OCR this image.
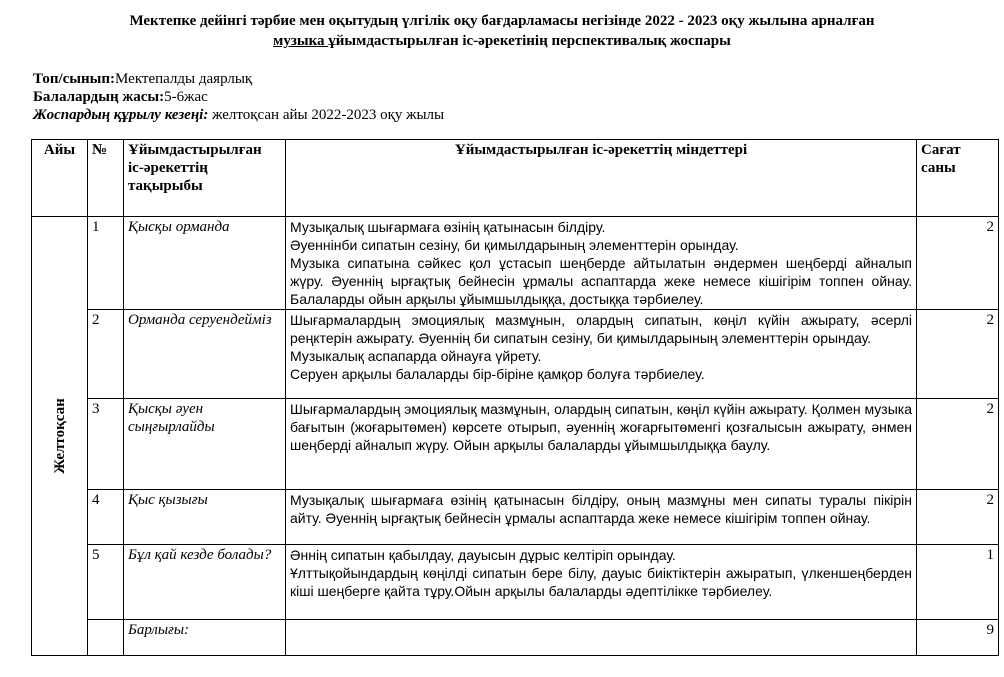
Мектепке дейінгі тәрбие мен оқытудың үлгілік оқу бағдарламасы негізінде 2022 - 2023 оқу жылына арналған
музыка ұйымдастырылған іс-әрекетінің перспективалық жоспары
Топ/сынып:Мектепалды даярлық
Балалардың жасы:5-6жас
Жоспардың құрылу кезеңі: желтоқсан айы 2022-2023 оқу жылы
Айы	№	Ұйымдастырылған іс-әрекеттің тақырыбы	Ұйымдастырылған іс-әрекеттің міндеттері	Сағат саны

Желтоқсан	1	Қысқы орманда	Музықалық шығармаға өзінің қатынасын білдіру.
Әуеннінби сипатын сезіну, би қимылдарының элементтерін орындау.
Музыка сипатына сәйкес қол ұстасып шеңберде айтылатын әндермен шеңберді айналып жүру. Әуеннің ырғақтық бейнесін ұрмалы аспаптарда жеке немесе кішігірім топпен ойнау. Балаларды ойын арқылы ұйымшылдыққа, достыққа тәрбиелеу.	2
	2	Орманда серуендейміз	Шығармалардың эмоциялық мазмұнын, олардың сипатын, көңіл күйін ажырату, әсерлі реңктерін ажырату. Әуеннің би сипатын сезіну, би қимылдарының элементтерін орындау.
Музыкалық аспапарда ойнауға үйрету.
Серуен арқылы балаларды бір-біріне қамқор болуға тәрбиелеу.	2
	3	Қысқы әуен сыңғырлайды	Шығармалардың эмоциялық мазмұнын, олардың сипатын, көңіл күйін ажырату. Қолмен музыка бағытын (жоғарытөмен) көрсете отырып, әуеннің жоғарғытөменгі қозғалысын ажырату, әнмен шеңберді айналып жүру. Ойын арқылы балаларды ұйымшылдыққа баулу.	2
	4	Қыс қызығы	Музықалық шығармаға өзінің қатынасын білдіру, оның мазмұны мен сипаты туралы пікірін айту. Әуеннің ырғақтық бейнесін ұрмалы аспаптарда жеке немесе кішігірім топпен ойнау.	2
	5	Бұл қай кезде болады?	Әннің сипатын қабылдау, дауысын дұрыс келтіріп орындау.
Ұлттықойындардың көңілді сипатын бере білу, дауыс биіктіктерін ажыратып, үлкеншеңберден кіші шеңберге қайта тұру.Ойын арқылы балаларды әдептілікке тәрбиелеу.	1
		Барлығы:		9
